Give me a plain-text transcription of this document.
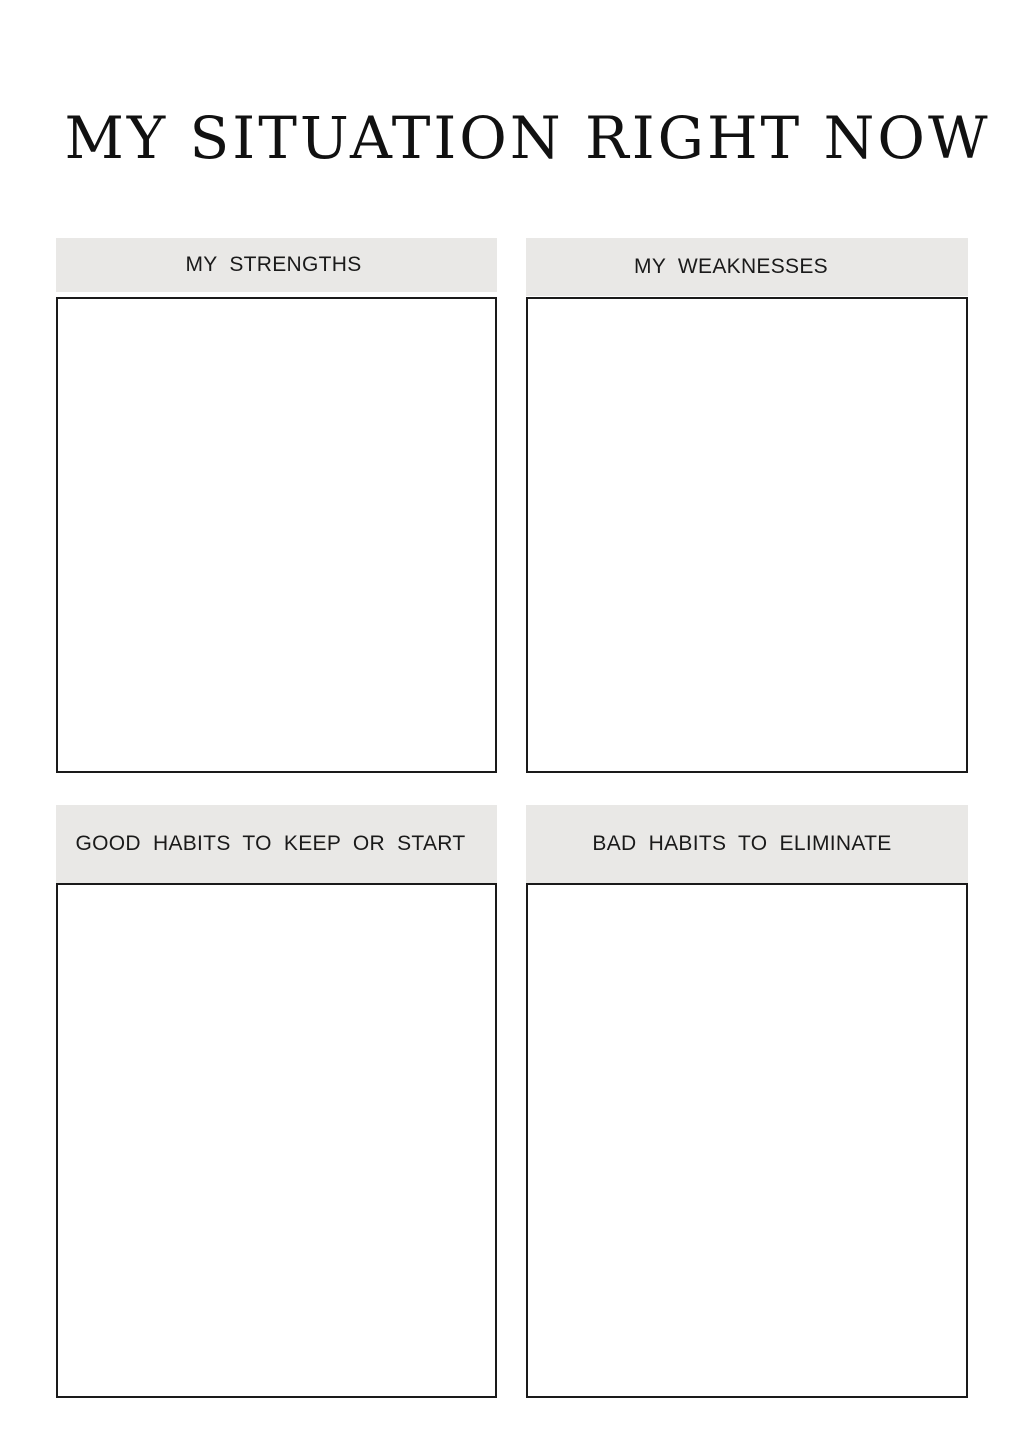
MY SITUATION RIGHT NOW
MY STRENGTHS	MY WEAKNESSES
GOOD HABITS TO KEEP OR START	BAD HABITS TO ELIMINATE
